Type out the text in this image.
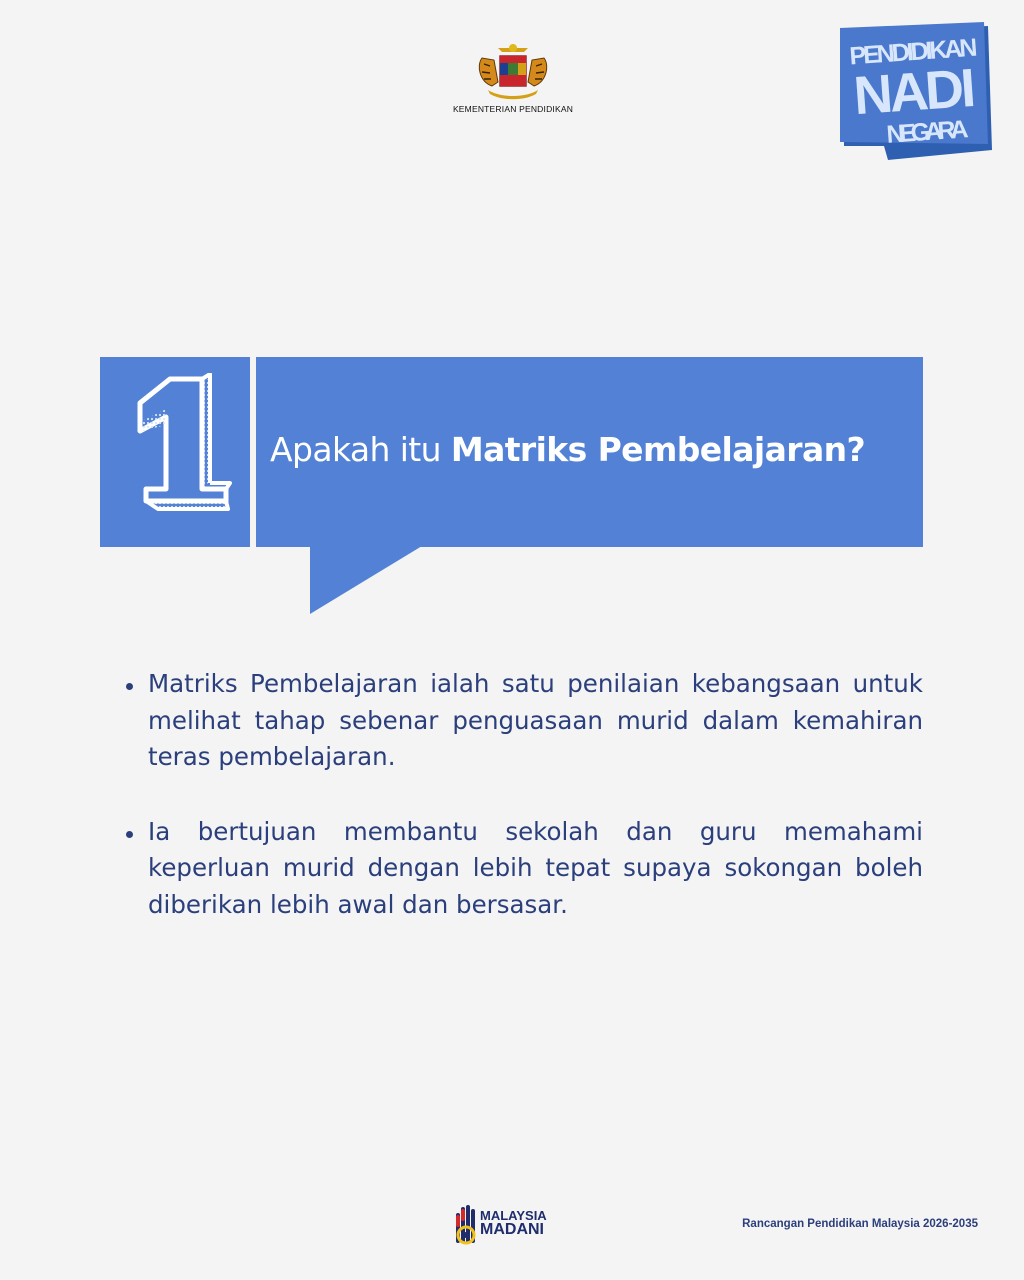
KEMENTERIAN PENDIDIKAN
PENDIDIKAN
NADI
NEGARA
Apakah itu Matriks Pembelajaran?
Matriks Pembelajaran ialah satu penilaian kebangsaan untuk melihat tahap sebenar penguasaan murid dalam kemahiran teras pembelajaran.
Ia bertujuan membantu sekolah dan guru memahami keperluan murid dengan lebih tepat supaya sokongan boleh diberikan lebih awal dan bersasar.
MALAYSIA
MADANI	Rancangan Pendidikan Malaysia 2026-2035
